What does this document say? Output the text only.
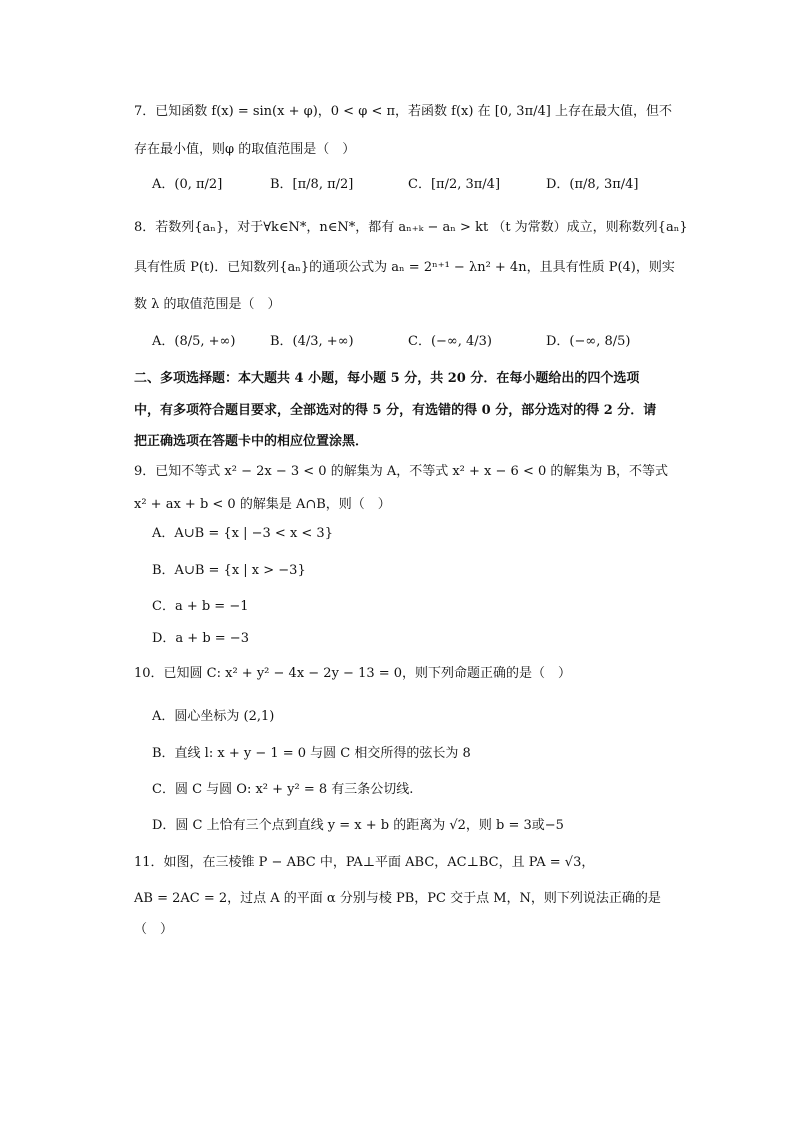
7．已知函数 f(x) = sin(x + φ)，0 < φ < π，若函数 f(x) 在 [0, 3π/4] 上存在最大值，但不
存在最小值，则φ 的取值范围是（　）
A．(0, π/2]	B．[π/8, π/2]	C．[π/2, 3π/4]	D．(π/8, 3π/4]
8．若数列{aₙ}，对于∀k∈N*，n∈N*，都有 aₙ₊ₖ − aₙ > kt （t 为常数）成立，则称数列{aₙ}
具有性质 P(t)．已知数列{aₙ}的通项公式为 aₙ = 2ⁿ⁺¹ − λn² + 4n，且具有性质 P(4)，则实
数 λ 的取值范围是（　）
A．(8/5, +∞)	B．(4/3, +∞)	C．(−∞, 4/3)	D．(−∞, 8/5)
二、多项选择题：本大题共 4 小题，每小题 5 分，共 20 分．在每小题给出的四个选项
中，有多项符合题目要求，全部选对的得 5 分，有选错的得 0 分，部分选对的得 2 分．请
把正确选项在答题卡中的相应位置涂黑．
9．已知不等式 x² − 2x − 3 < 0 的解集为 A，不等式 x² + x − 6 < 0 的解集为 B，不等式
x² + ax + b < 0 的解集是 A∩B，则（　）
A．A∪B = {x | −3 < x < 3}
B．A∪B = {x | x > −3}
C．a + b = −1
D．a + b = −3
10．已知圆 C: x² + y² − 4x − 2y − 13 = 0，则下列命题正确的是（　）
A．圆心坐标为 (2,1)
B．直线 l: x + y − 1 = 0 与圆 C 相交所得的弦长为 8
C．圆 C 与圆 O: x² + y² = 8 有三条公切线.
D．圆 C 上恰有三个点到直线 y = x + b 的距离为 √2，则 b = 3或−5
11．如图，在三棱锥 P − ABC 中，PA⊥平面 ABC，AC⊥BC，且 PA = √3，
AB = 2AC = 2，过点 A 的平面 α 分别与棱 PB，PC 交于点 M，N，则下列说法正确的是
（　）
